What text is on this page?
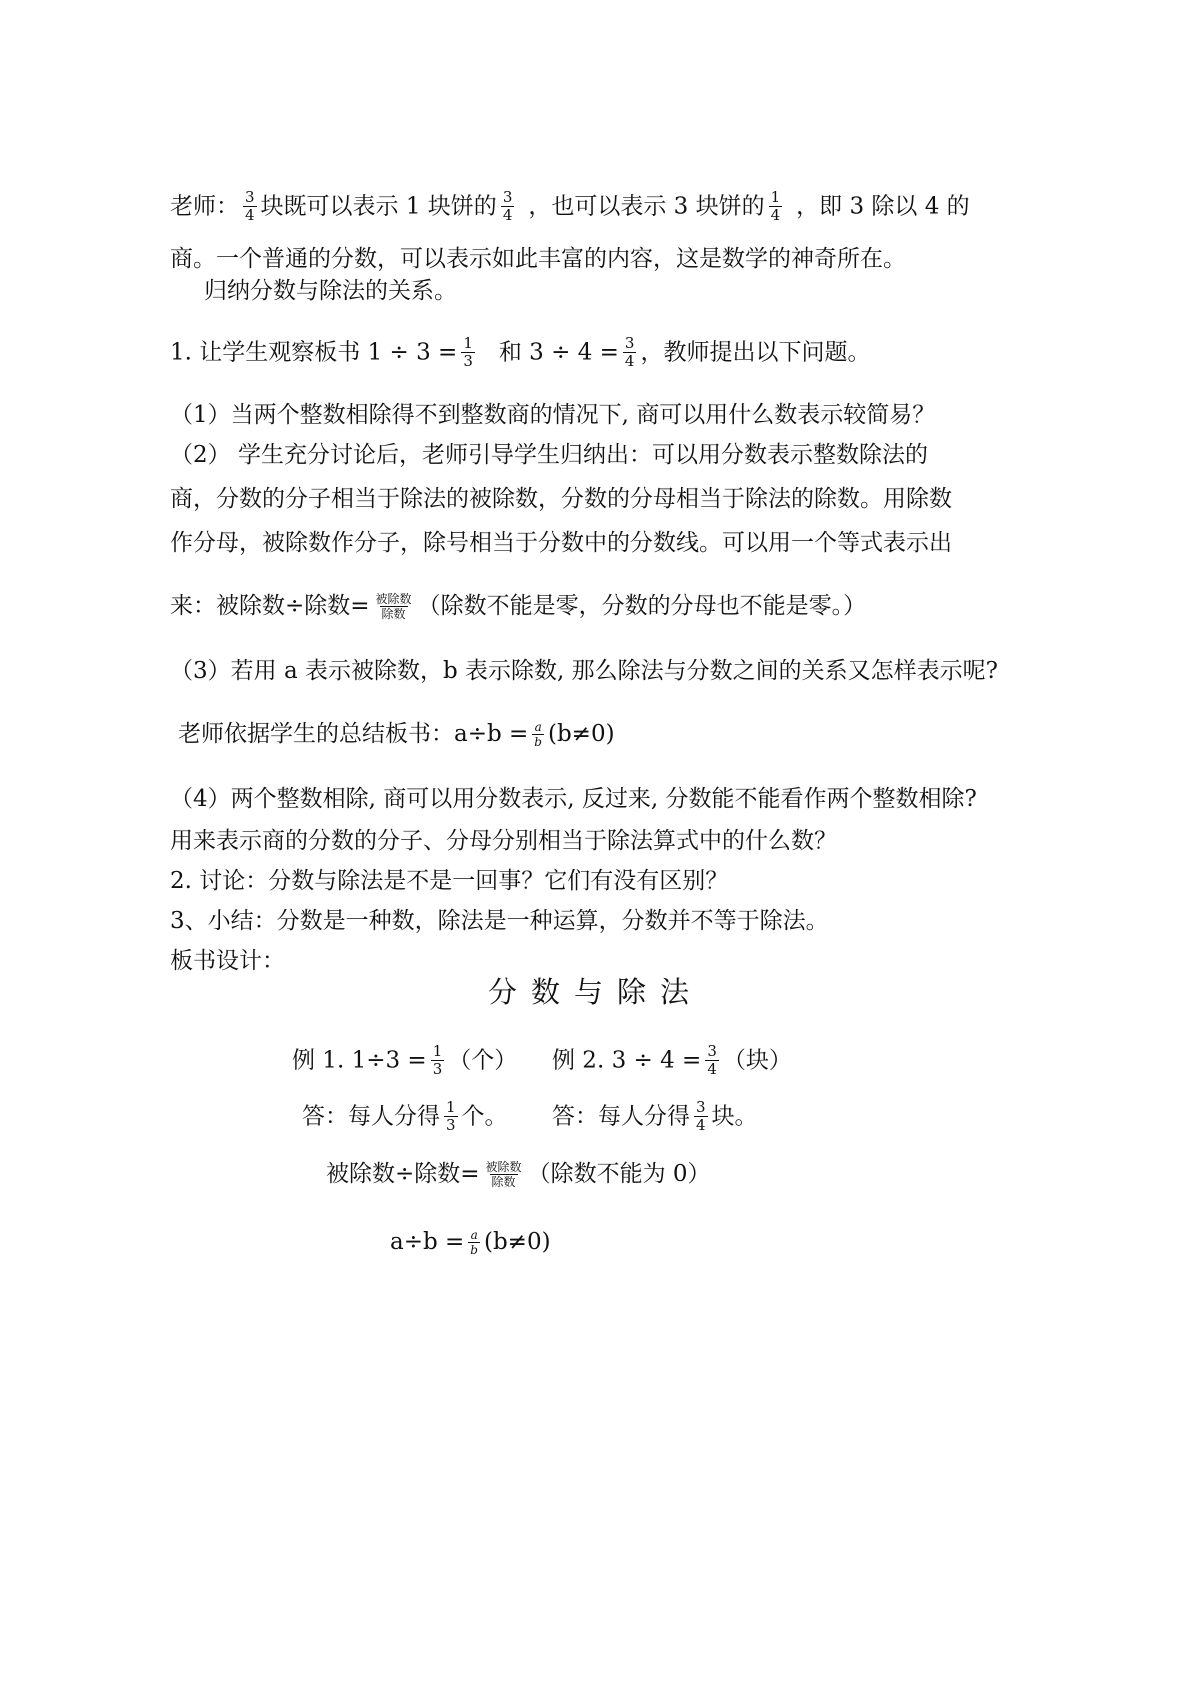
老师： $\frac{3}{4}$ 块既可以表示 1 块饼的 $\frac{3}{4}$ ，也可以表示 3 块饼的 $\frac{1}{4}$ ，即 3 除以 4 的
商。一个普通的分数，可以表示如此丰富的内容，这是数学的神奇所在。
归纳分数与除法的关系。
1. 让学生观察板书 $1 \div 3 = \frac{1}{3}$ 和 $3 \div 4 = \frac{3}{4}$ ，教师提出以下问题。
（1）当两个整数相除得不到整数商的情况下, 商可以用什么数表示较简易？
（2） 学生充分讨论后，老师引导学生归纳出：可以用分数表示整数除法的
商，分数的分子相当于除法的被除数，分数的分母相当于除法的除数。用除数
作分母，被除数作分子，除号相当于分数中的分数线。可以用一个等式表示出
来：被除数÷除数= $\frac{\text{被除数}}{\text{除数}}$ （除数不能是零，分数的分母也不能是零。）
（3）若用 a 表示被除数，b 表示除数, 那么除法与分数之间的关系又怎样表示呢?
老师依据学生的总结板书：$a\div b = \frac{a}{b} (b\ne 0)$
（4）两个整数相除, 商可以用分数表示, 反过来, 分数能不能看作两个整数相除?
用来表示商的分数的分子、分母分别相当于除法算式中的什么数？
2. 讨论：分数与除法是不是一回事？它们有没有区别？
3、小结：分数是一种数，除法是一种运算，分数并不等于除法。
板书设计：
分数与除法
例 1. $1\div 3 = \frac{1}{3}$ （个） 例 2. $3 \div 4 = \frac{3}{4}$ （块）
答：每人分得 $\frac{1}{3}$ 个。 答：每人分得 $\frac{3}{4}$ 块。
被除数÷除数= $\frac{\text{被除数}}{\text{除数}}$ （除数不能为 0）
$a\div b = \frac{a}{b} (b\ne 0)$
